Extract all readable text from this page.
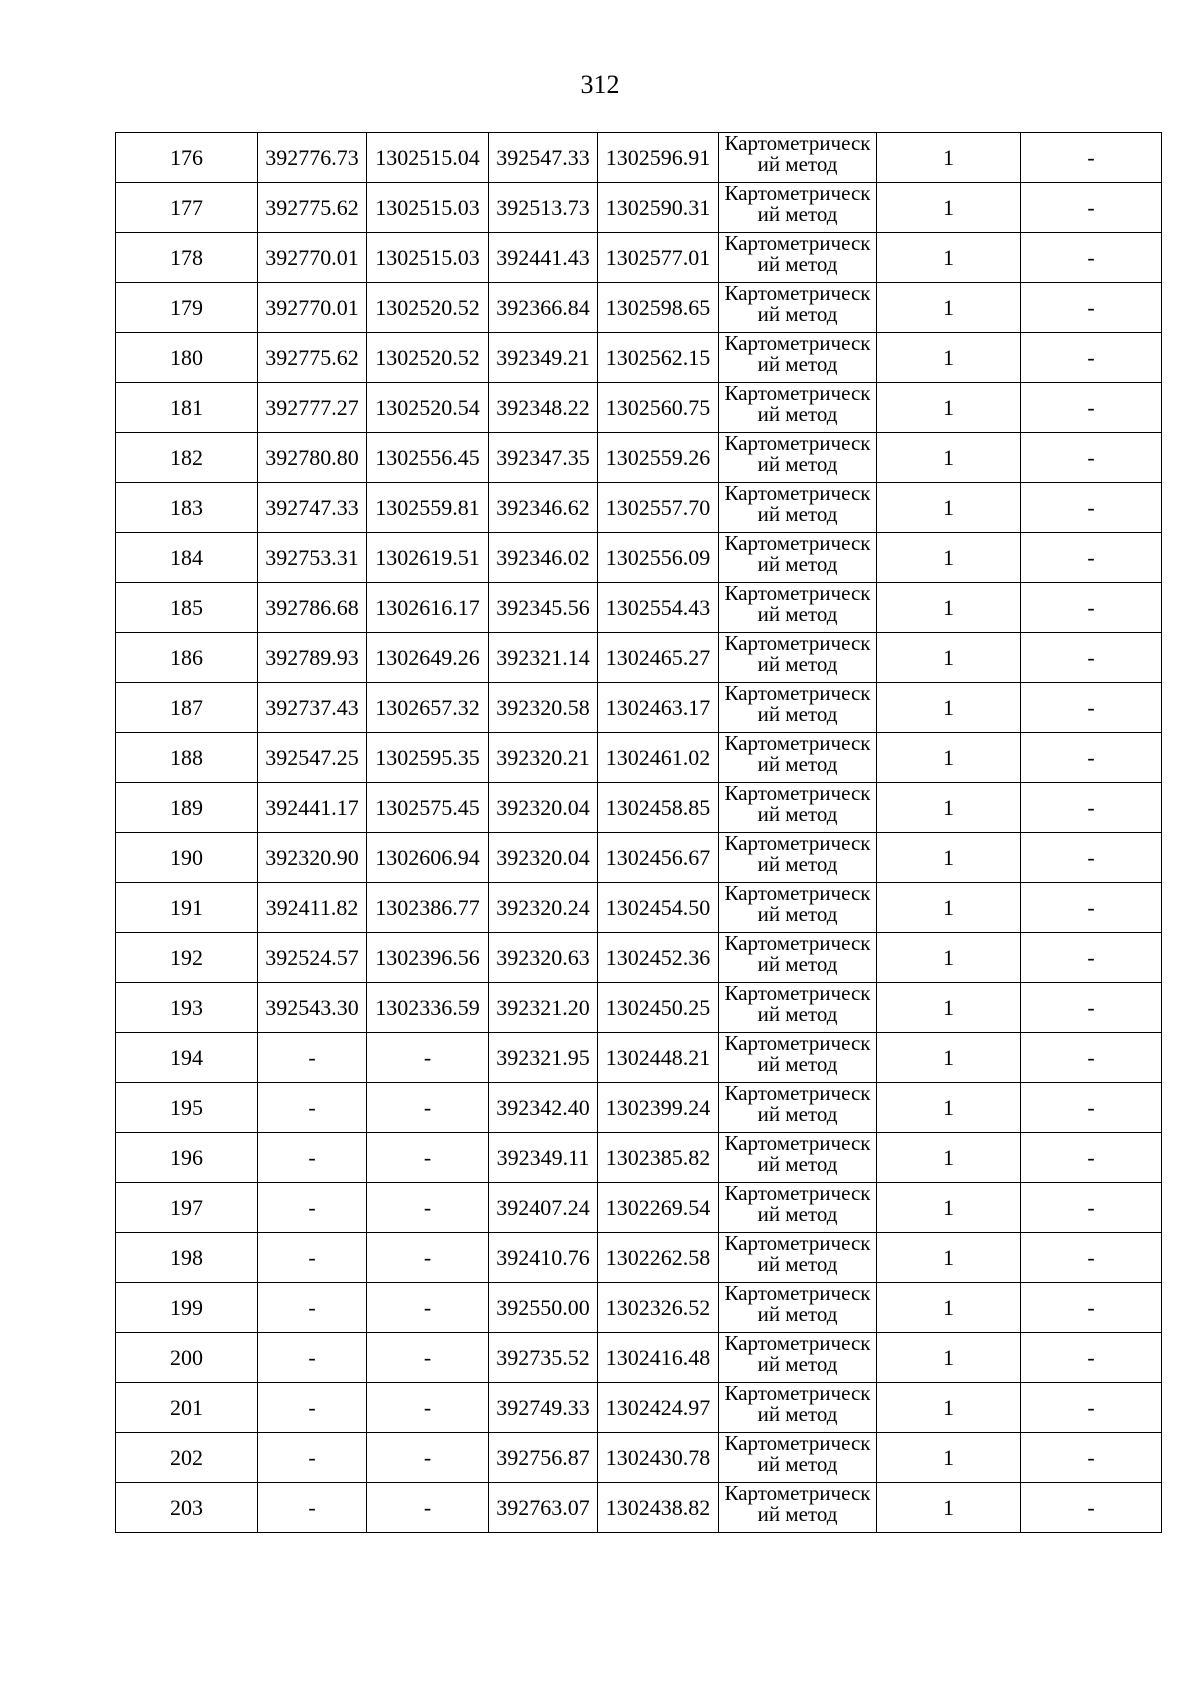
312
176	392776.73	1302515.04	392547.33	1302596.91	Картометрический метод	1	-
177	392775.62	1302515.03	392513.73	1302590.31	Картометрический метод	1	-
178	392770.01	1302515.03	392441.43	1302577.01	Картометрический метод	1	-
179	392770.01	1302520.52	392366.84	1302598.65	Картометрический метод	1	-
180	392775.62	1302520.52	392349.21	1302562.15	Картометрический метод	1	-
181	392777.27	1302520.54	392348.22	1302560.75	Картометрический метод	1	-
182	392780.80	1302556.45	392347.35	1302559.26	Картометрический метод	1	-
183	392747.33	1302559.81	392346.62	1302557.70	Картометрический метод	1	-
184	392753.31	1302619.51	392346.02	1302556.09	Картометрический метод	1	-
185	392786.68	1302616.17	392345.56	1302554.43	Картометрический метод	1	-
186	392789.93	1302649.26	392321.14	1302465.27	Картометрический метод	1	-
187	392737.43	1302657.32	392320.58	1302463.17	Картометрический метод	1	-
188	392547.25	1302595.35	392320.21	1302461.02	Картометрический метод	1	-
189	392441.17	1302575.45	392320.04	1302458.85	Картометрический метод	1	-
190	392320.90	1302606.94	392320.04	1302456.67	Картометрический метод	1	-
191	392411.82	1302386.77	392320.24	1302454.50	Картометрический метод	1	-
192	392524.57	1302396.56	392320.63	1302452.36	Картометрический метод	1	-
193	392543.30	1302336.59	392321.20	1302450.25	Картометрический метод	1	-
194	-	-	392321.95	1302448.21	Картометрический метод	1	-
195	-	-	392342.40	1302399.24	Картометрический метод	1	-
196	-	-	392349.11	1302385.82	Картометрический метод	1	-
197	-	-	392407.24	1302269.54	Картометрический метод	1	-
198	-	-	392410.76	1302262.58	Картометрический метод	1	-
199	-	-	392550.00	1302326.52	Картометрический метод	1	-
200	-	-	392735.52	1302416.48	Картометрический метод	1	-
201	-	-	392749.33	1302424.97	Картометрический метод	1	-
202	-	-	392756.87	1302430.78	Картометрический метод	1	-
203	-	-	392763.07	1302438.82	Картометрический метод	1	-
